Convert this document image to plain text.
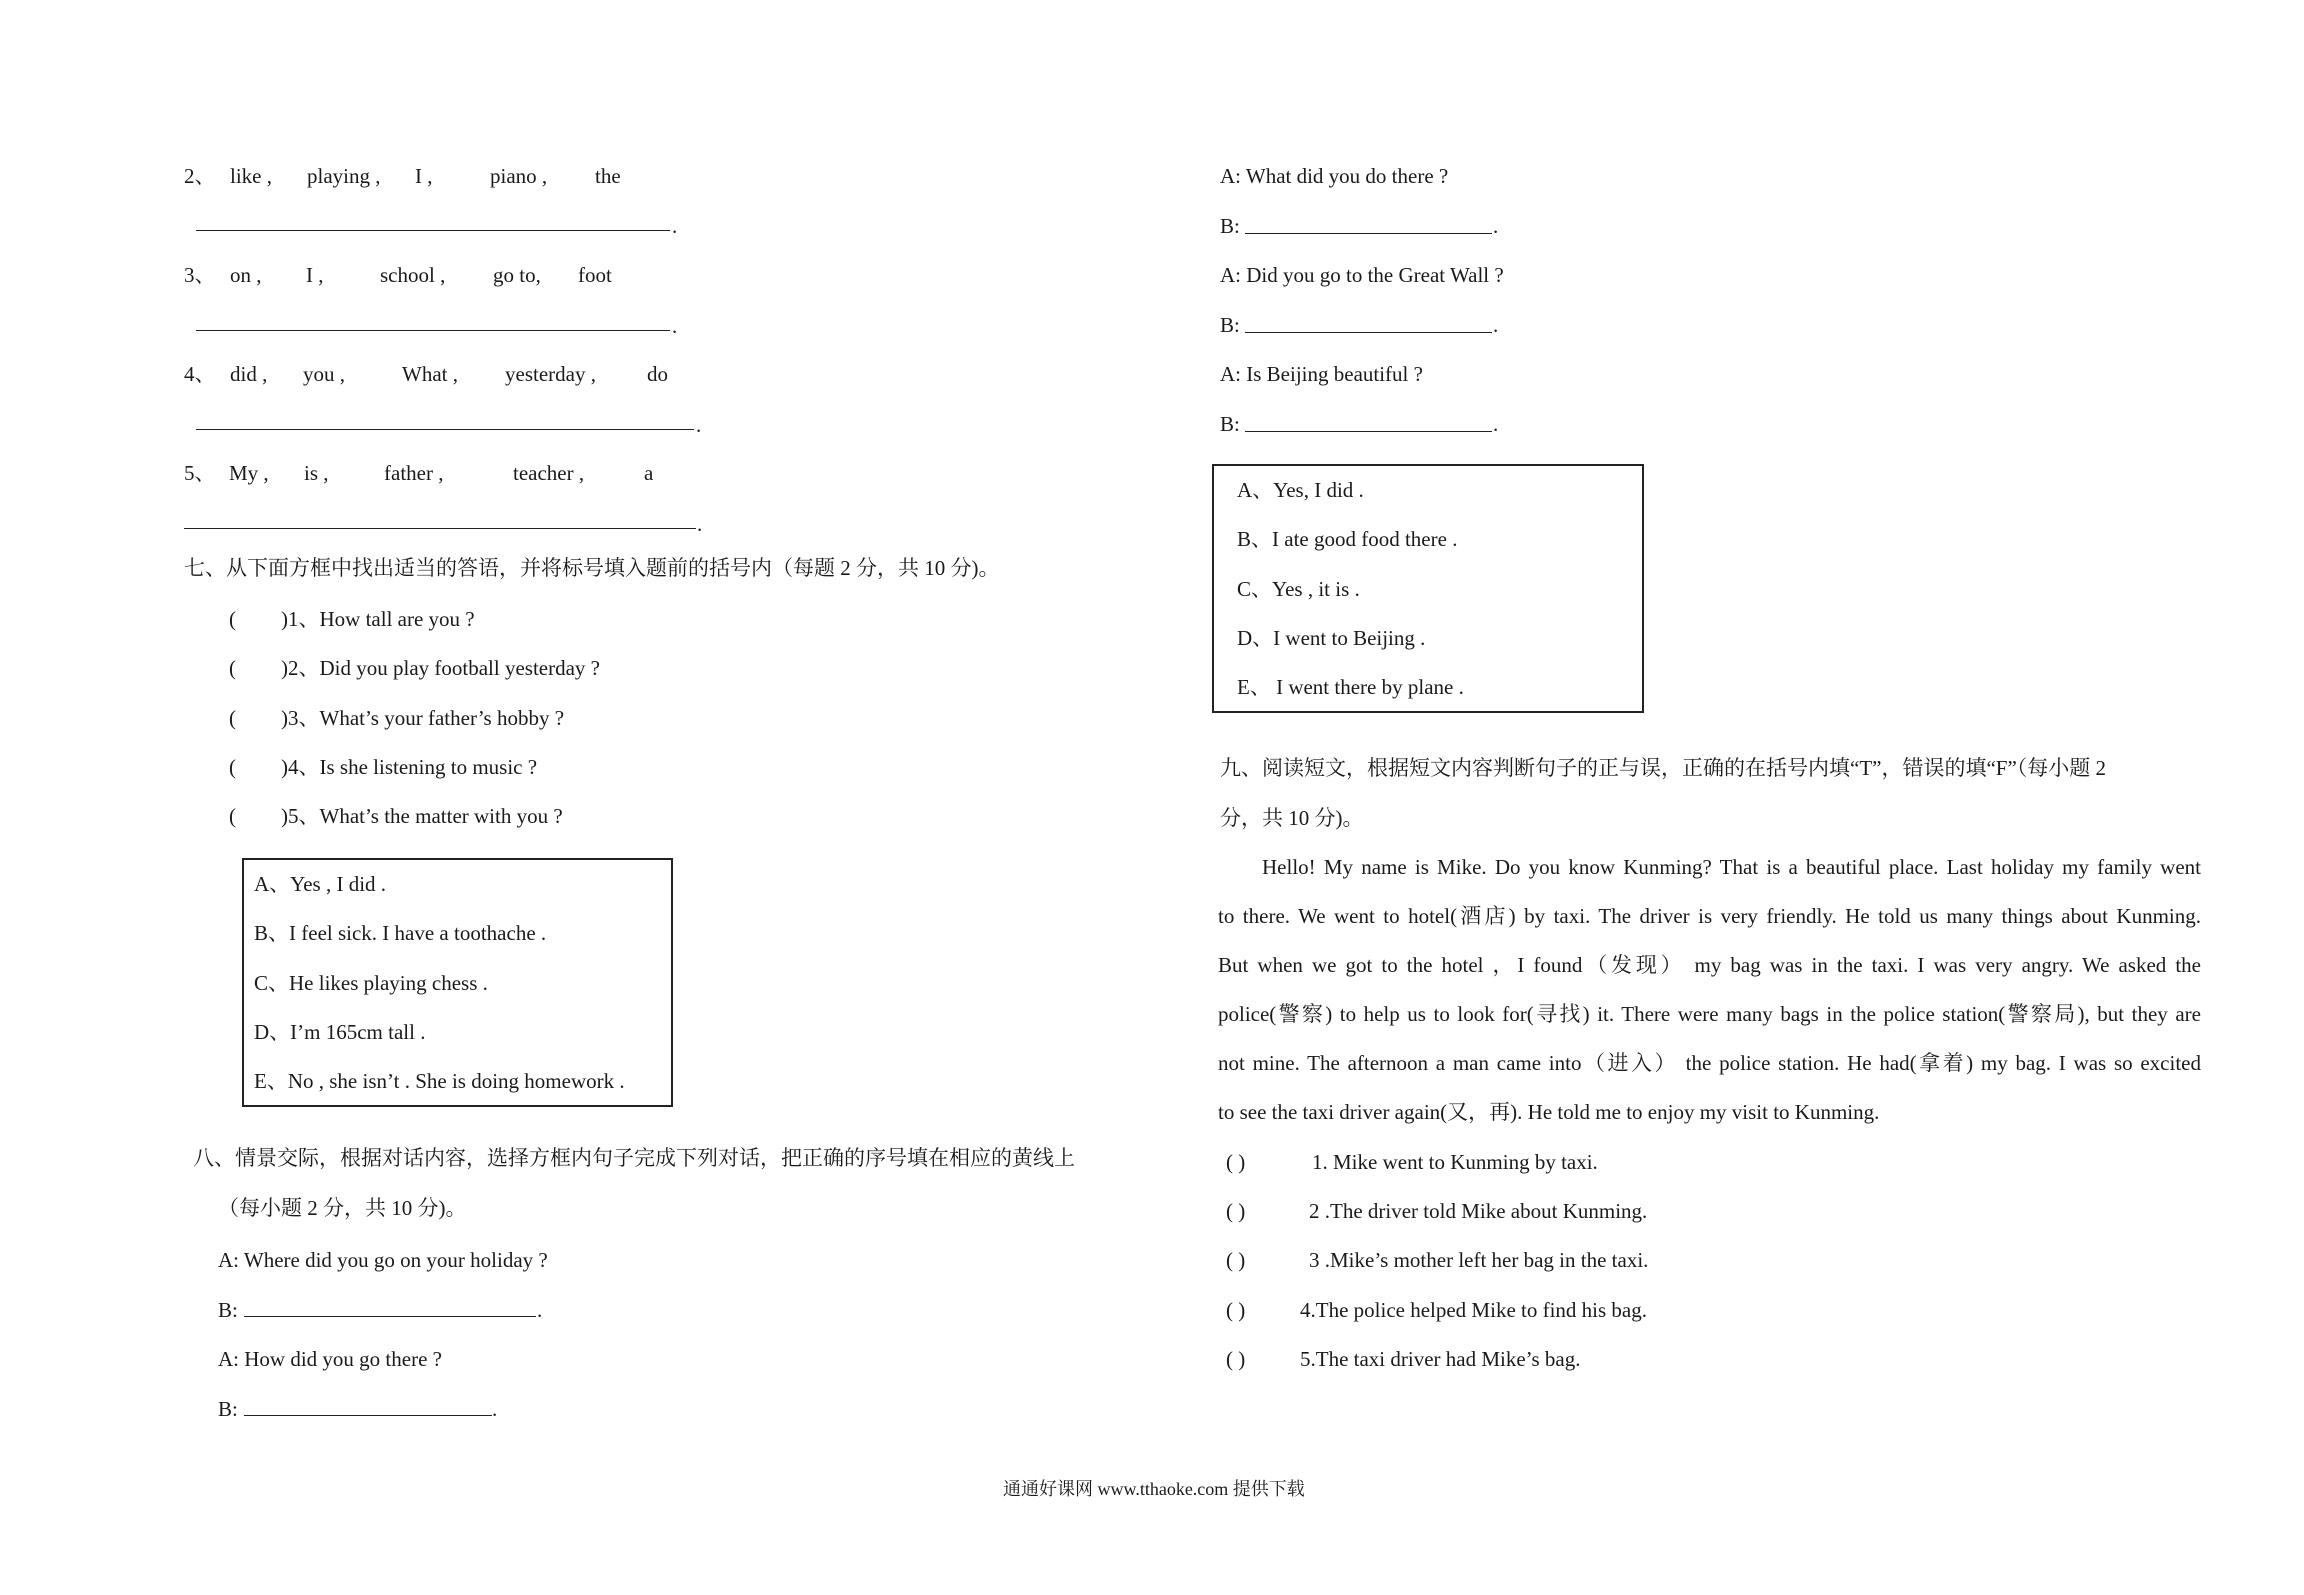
2、 like , playing , I ,	piano , the
.
3、 on , I ,	school , go to, foot
.
4、 did , you ,	What , yesterday , do
.
5、 My , is ,	father ,	teacher ,	a
.
七、从下面方框中找出适当的答语，并将标号填入题前的括号内（每题 2 分，共 10 分)。
( )1、How tall are you ?
( )2、Did you play football yesterday ?
( )3、What’s your father’s hobby ?
( )4、Is she listening to music ?
( )5、What’s the matter with you ?
A、Yes , I did .
B、I feel sick. I have a toothache .
C、He likes playing chess .
D、I’m 165cm tall .
E、No , she isn’t . She is doing homework .
八、情景交际，根据对话内容，选择方框内句子完成下列对话，把正确的序号填在相应的黄线上
（每小题 2 分，共 10 分)。
A: Where did you go on your holiday ?
B:	.
A: How did you go there ?
B:	.
A: What did you do there ?
B:	.
A: Did you go to the Great Wall ?
B:	.
A: Is Beijing beautiful ?
B:	.
A、Yes, I did .
B、I ate good food there .
C、Yes , it is .
D、I went to Beijing .
E、 I went there by plane .
九、阅读短文，根据短文内容判断句子的正与误，正确的在括号内填“T”，错误的填“F”（每小题 2
分，共 10 分)。
Hello! My name is Mike. Do you know Kunming? That is a beautiful place. Last holiday my family went
to there. We went to hotel(酒店) by taxi. The driver is very friendly. He told us many things about Kunming.
But when we got to the hotel ，I found（发现） my bag was in the taxi. I was very angry. We asked the
police(警察) to help us to look for(寻找) it. There were many bags in the police station(警察局), but they are
not mine. The afternoon a man came into（进入） the police station. He had(拿着) my bag. I was so excited
to see the taxi driver again(又，再). He told me to enjoy my visit to Kunming.
( )	1. Mike went to Kunming by taxi.
( )	2 .The driver told Mike about Kunming.
( )	3 .Mike’s mother left her bag in the taxi.
( )	4.The police helped Mike to find his bag.
( )	5.The taxi driver had Mike’s bag.
通通好课网 www.tthaoke.com 提供下载
